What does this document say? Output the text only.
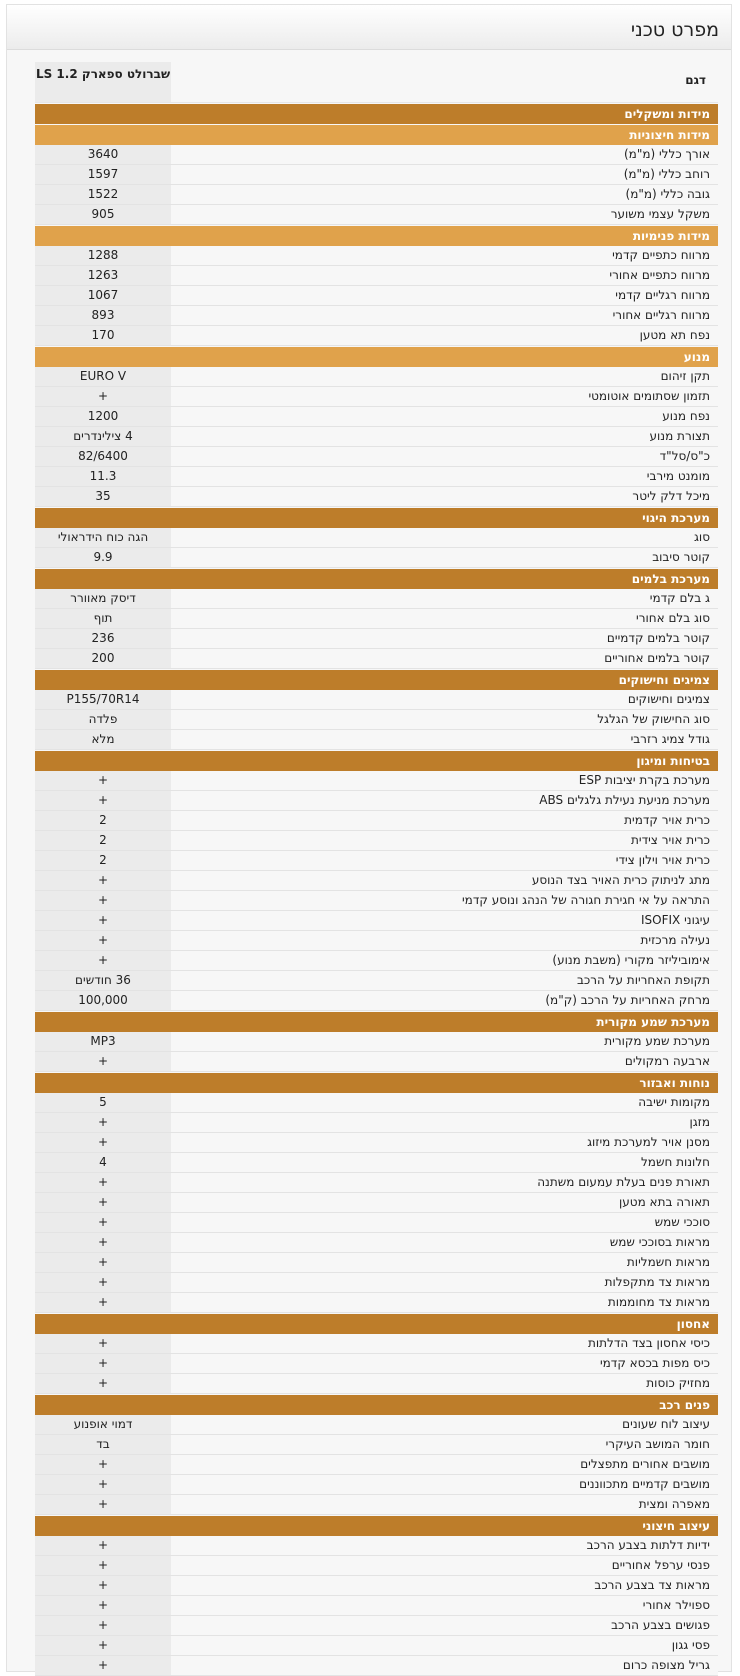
מפרט טכני
דגם
שברולט ספארק 1.2 LS
מידות ומשקלים
מידות חיצוניות
אורך כללי (מ"מ)
3640
רוחב כללי (מ"מ)
1597
גובה כללי (מ"מ)
1522
משקל עצמי משוער
905
מידות פנימיות
מרווח כתפיים קדמי
1288
מרווח כתפיים אחורי
1263
מרווח רגליים קדמי
1067
מרווח רגליים אחורי
893
נפח תא מטען
170
מנוע
תקן זיהום
EURO V
תזמון שסתומים אוטומטי
+
נפח מנוע
1200
תצורת מנוע
4 צילינדרים
כ"ס/סל"ד
82/6400
מומנט מירבי
11.3
מיכל דלק ליטר
35
מערכת היגוי
סוג
הגה כוח הידראולי
קוטר סיבוב
9.9
מערכת בלמים
ג בלם קדמי
דיסק מאוורר
סוג בלם אחורי
תוף
קוטר בלמים קדמיים
236
קוטר בלמים אחוריים
200
צמיגים וחישוקים
צמיגים וחישוקים
P155/70R14
סוג החישוק של הגלגל
פלדה
גודל צמיג רזרבי
מלא
בטיחות ומיגון
מערכת בקרת יציבות ESP
+
מערכת מניעת נעילת גלגלים ABS
+
כרית אויר קדמית
2
כרית אויר צידית
2
כרית אויר וילון צידי
2
מתג לניתוק כרית האויר בצד הנוסע
+
התראה על אי חגירת חגורה של הנהג ונוסע קדמי
+
עיגוני ISOFIX
+
נעילה מרכזית
+
אימוביליזר מקורי (משבת מנוע)
+
תקופת האחריות על הרכב
36 חודשים
מרחק האחריות על הרכב (ק"מ)
100,000
מערכת שמע מקורית
מערכת שמע מקורית
MP3
ארבעה רמקולים
+
נוחות ואבזור
מקומות ישיבה
5
מזגן
+
מסנן אויר למערכת מיזוג
+
חלונות חשמל
4
תאורת פנים בעלת עמעום משתנה
+
תאורה בתא מטען
+
סוככי שמש
+
מראות בסוככי שמש
+
מראות חשמליות
+
מראות צד מתקפלות
+
מראות צד מחוממות
+
אחסון
כיסי אחסון בצד הדלתות
+
כיס מפות בכסא קדמי
+
מחזיק כוסות
+
פנים רכב
עיצוב לוח שעונים
דמוי אופנוע
חומר המושב העיקרי
בד
מושבים אחורים מתפצלים
+
מושבים קדמיים מתכווננים
+
מאפרה ומצית
+
עיצוב חיצוני
ידיות דלתות בצבע הרכב
+
פנסי ערפל אחוריים
+
מראות צד בצבע הרכב
+
ספוילר אחורי
+
פגושים בצבע הרכב
+
פסי גגון
+
גריל מצופה כרום
+
